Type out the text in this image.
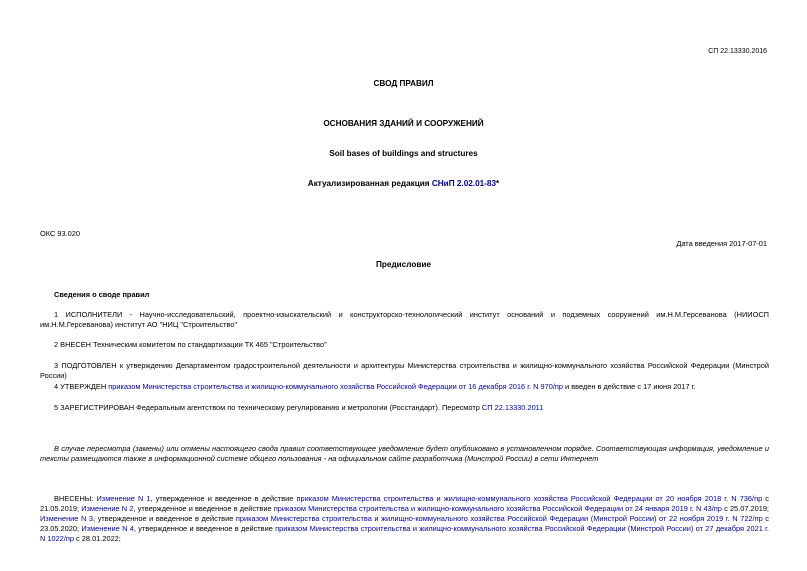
СП 22.13330.2016
СВОД ПРАВИЛ
ОСНОВАНИЯ ЗДАНИЙ И СООРУЖЕНИЙ
Soil bases of buildings and structures
Актуализированная редакция СНиП 2.02.01-83*
ОКС 93.020
Дата введения 2017-07-01
Предисловие
Сведения о своде правил
1 ИСПОЛНИТЕЛИ - Научно-исследовательский, проектно-изыскательский и конструкторско-технологический институт оснований и подземных сооружений им.Н.М.Герсеванова (НИИОСП им.Н.М.Герсеванова) институт АО "НИЦ "Строительство"
2 ВНЕСЕН Техническим комитетом по стандартизации ТК 465 "Строительство"
3 ПОДГОТОВЛЕН к утверждению Департаментом градостроительной деятельности и архитектуры Министерства строительства и жилищно-коммунального хозяйства Российской Федерации (Минстрой России)
4 УТВЕРЖДЕН приказом Министерства строительства и жилищно-коммунального хозяйства Российской Федерации от 16 декабря 2016 г. N 970/пр и введен в действие с 17 июня 2017 г.
5 ЗАРЕГИСТРИРОВАН Федеральным агентством по техническому регулированию и метрологии (Росстандарт). Пересмотр СП 22.13330.2011
В случае пересмотра (замены) или отмены настоящего свода правил соответствующее уведомление будет опубликовано в установленном порядке. Соответствующая информация, уведомление и тексты размещаются также в информационной системе общего пользования - на официальном сайте разработчика (Минстрой России) в сети Интернет
ВНЕСЕНЫ: Изменение N 1, утвержденное и введенное в действие приказом Министерства строительства и жилищно-коммунального хозяйства Российской Федерации от 20 ноября 2018 г. N 736/пр с 21.05.2019; Изменение N 2, утвержденное и введенное в действие приказом Министерства строительства и жилищно-коммунального хозяйства Российской Федерации от 24 января 2019 г. N 43/пр с 25.07.2019; Изменение N 3, утвержденное и введенное в действие приказом Министерства строительства и жилищно-коммунального хозяйства Российской Федерации (Минстрой России) от 22 ноября 2019 г. N 722/пр с 23.05.2020; Изменение N 4, утвержденное и введенное в действие приказом Министерства строительства и жилищно-коммунального хозяйства Российской Федерации (Минстрой России) от 27 декабря 2021 г. N 1022/пр с 28.01.2022;
